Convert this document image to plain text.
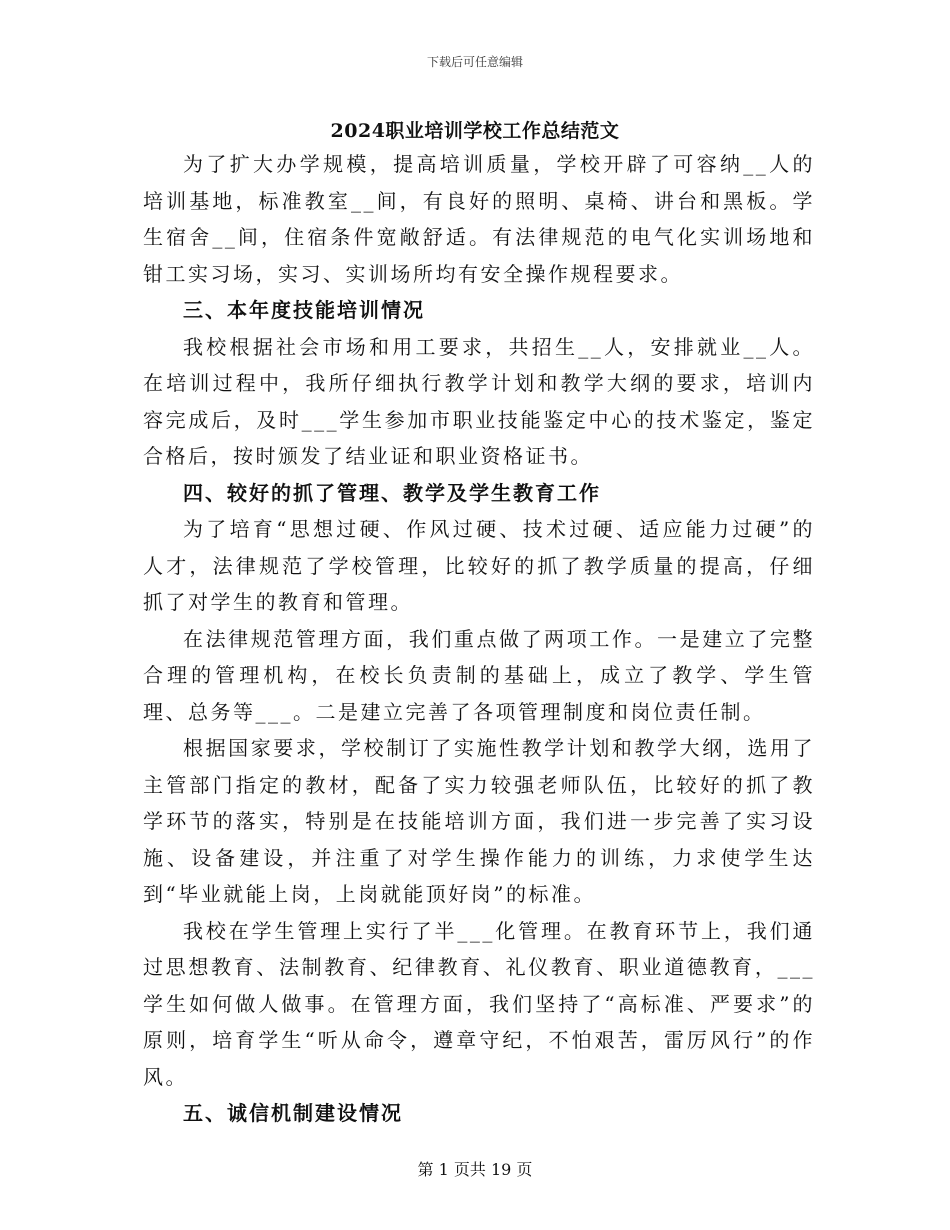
下载后可任意编辑
2024职业培训学校工作总结范文

为了扩大办学规模，提高培训质量，学校开辟了可容纳__人的培训基地，标准教室__间，有良好的照明、桌椅、讲台和黑板。学生宿舍__间，住宿条件宽敞舒适。有法律规范的电气化实训场地和钳工实习场，实习、实训场所均有安全操作规程要求。

三、本年度技能培训情况

我校根据社会市场和用工要求，共招生__人，安排就业__人。在培训过程中，我所仔细执行教学计划和教学大纲的要求，培训内容完成后，及时___学生参加市职业技能鉴定中心的技术鉴定，鉴定合格后，按时颁发了结业证和职业资格证书。

四、较好的抓了管理、教学及学生教育工作

为了培育“思想过硬、作风过硬、技术过硬、适应能力过硬”的人才，法律规范了学校管理，比较好的抓了教学质量的提高，仔细抓了对学生的教育和管理。

在法律规范管理方面，我们重点做了两项工作。一是建立了完整合理的管理机构，在校长负责制的基础上，成立了教学、学生管理、总务等___。二是建立完善了各项管理制度和岗位责任制。

根据国家要求，学校制订了实施性教学计划和教学大纲，选用了主管部门指定的教材，配备了实力较强老师队伍，比较好的抓了教学环节的落实，特别是在技能培训方面，我们进一步完善了实习设施、设备建设，并注重了对学生操作能力的训练，力求使学生达到“毕业就能上岗，上岗就能顶好岗”的标准。

我校在学生管理上实行了半___化管理。在教育环节上，我们通过思想教育、法制教育、纪律教育、礼仪教育、职业道德教育，___学生如何做人做事。在管理方面，我们坚持了“高标准、严要求”的原则，培育学生“听从命令，遵章守纪，不怕艰苦，雷厉风行”的作风。

五、诚信机制建设情况

第 1 页共 19 页
